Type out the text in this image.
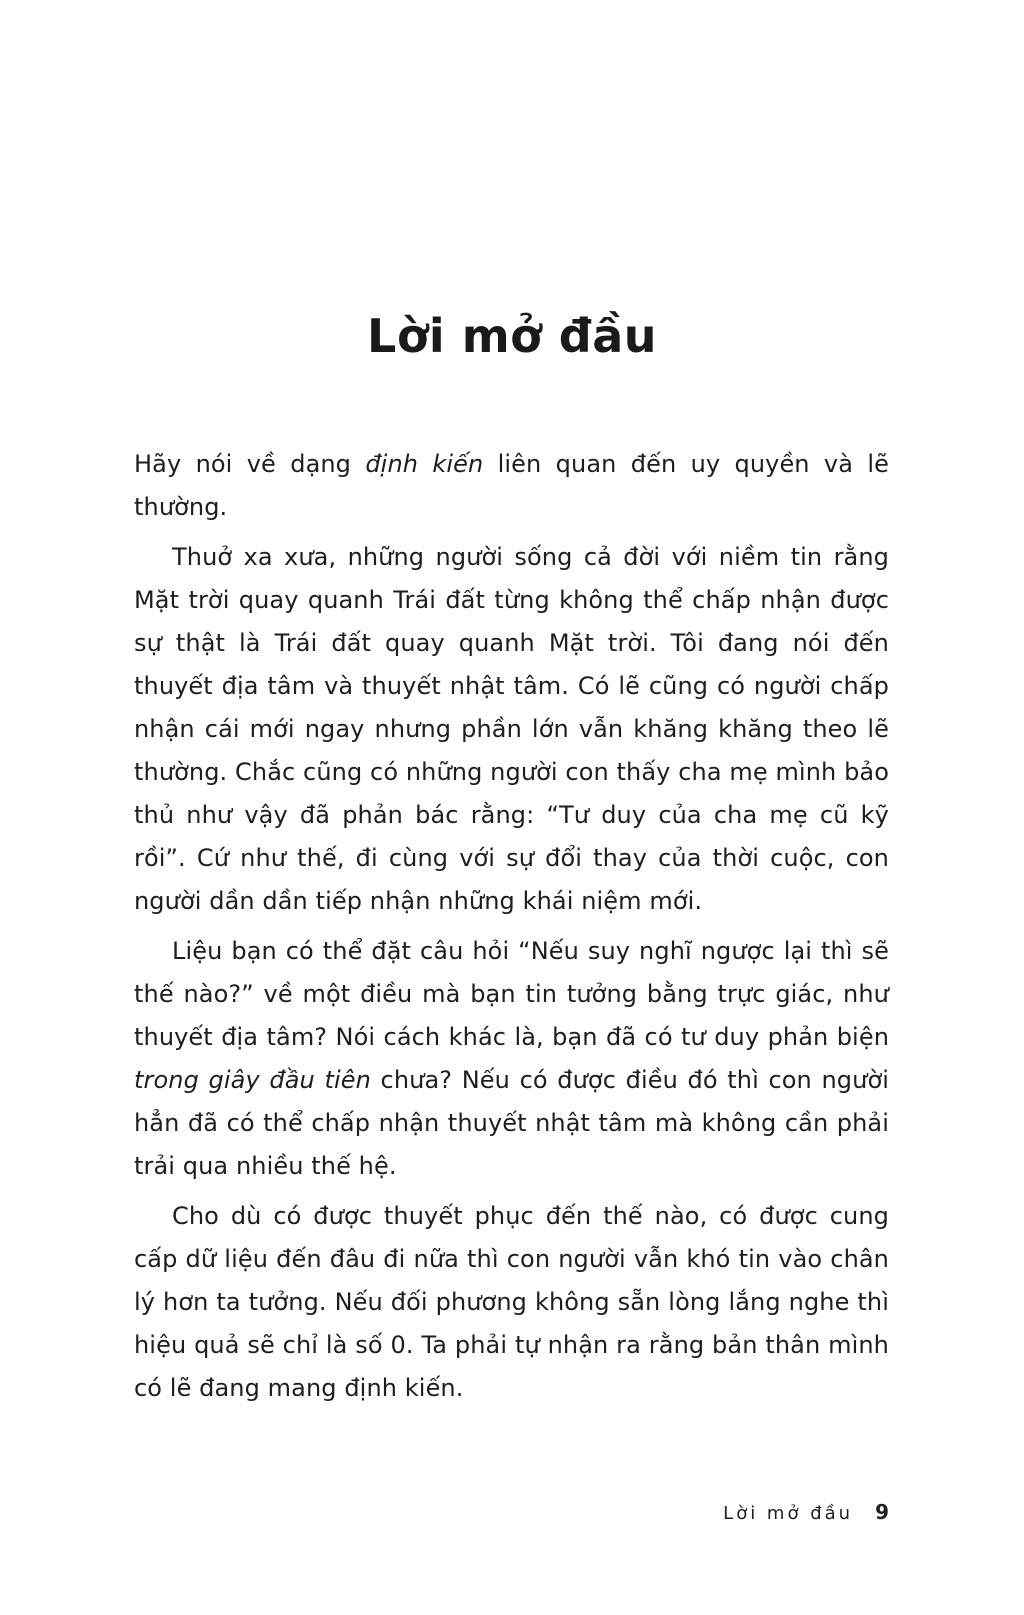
Lời mở đầu

Hãy nói về dạng định kiến liên quan đến uy quyền và lẽ thường.

Thuở xa xưa, những người sống cả đời với niềm tin rằng Mặt trời quay quanh Trái đất từng không thể chấp nhận được sự thật là Trái đất quay quanh Mặt trời. Tôi đang nói đến thuyết địa tâm và thuyết nhật tâm. Có lẽ cũng có người chấp nhận cái mới ngay nhưng phần lớn vẫn khăng khăng theo lẽ thường. Chắc cũng có những người con thấy cha mẹ mình bảo thủ như vậy đã phản bác rằng: “Tư duy của cha mẹ cũ kỹ rồi”. Cứ như thế, đi cùng với sự đổi thay của thời cuộc, con người dần dần tiếp nhận những khái niệm mới.

Liệu bạn có thể đặt câu hỏi “Nếu suy nghĩ ngược lại thì sẽ thế nào?” về một điều mà bạn tin tưởng bằng trực giác, như thuyết địa tâm? Nói cách khác là, bạn đã có tư duy phản biện trong giây đầu tiên chưa? Nếu có được điều đó thì con người hẳn đã có thể chấp nhận thuyết nhật tâm mà không cần phải trải qua nhiều thế hệ.

Cho dù có được thuyết phục đến thế nào, có được cung cấp dữ liệu đến đâu đi nữa thì con người vẫn khó tin vào chân lý hơn ta tưởng. Nếu đối phương không sẵn lòng lắng nghe thì hiệu quả sẽ chỉ là số 0. Ta phải tự nhận ra rằng bản thân mình có lẽ đang mang định kiến.

Lời mở đầu 9
